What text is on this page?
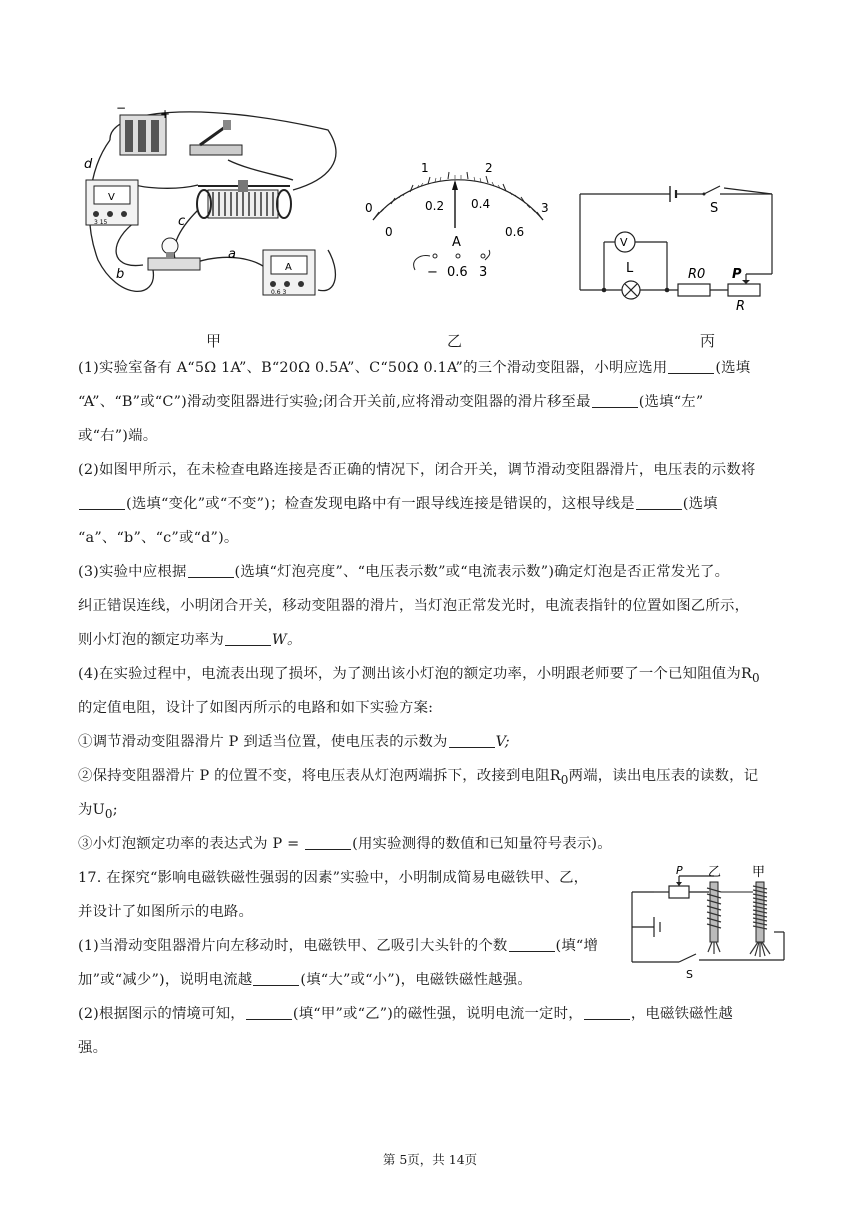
−	+
V
3 15
A
0.6 3
d
c
a
b
甲
0
1	2
3
0
0.2 0.4
0.6
A
− 0.6 3
乙
S
V
L	R0 P
R
丙
(1)实验室备有 A“5Ω 1A”、B“20Ω 0.5A”、C“50Ω 0.1A”的三个滑动变阻器，小明应选用	(选填
“A”、“B”或“C”)滑动变阻器进行实验;闭合开关前,应将滑动变阻器的滑片移至最	(选填“左”
或“右”)端。
(2)如图甲所示，在未检查电路连接是否正确的情况下，闭合开关，调节滑动变阻器滑片，电压表的示数将
(选填“变化”或“不变”)；检查发现电路中有一跟导线连接是错误的，这根导线是	(选填
“a”、“b”、“c”或“d”)。
(3)实验中应根据	(选填“灯泡亮度”、“电压表示数”或“电流表示数”)确定灯泡是否正常发光了。
纠正错误连线，小明闭合开关，移动变阻器的滑片，当灯泡正常发光时，电流表指针的位置如图乙所示，
则小灯泡的额定功率为	W。
(4)在实验过程中，电流表出现了损坏，为了测出该小灯泡的额定功率，小明跟老师要了一个已知阻值为$R_0$
的定值电阻，设计了如图丙所示的电路和如下实验方案:
①调节滑动变阻器滑片 P 到适当位置，使电压表的示数为	V;
②保持变阻器滑片 P 的位置不变，将电压表从灯泡两端拆下，改接到电阻$R_0$两端，读出电压表的读数，记
为$U_0$;
③小灯泡额定功率的表达式为 P =	(用实验测得的数值和已知量符号表示)。
17. 在探究“影响电磁铁磁性强弱的因素”实验中，小明制成简易电磁铁甲、乙，
并设计了如图所示的电路。
(1)当滑动变阻器滑片向左移动时，电磁铁甲、乙吸引大头针的个数	(填“增
加”或“减少”)，说明电流越	(填“大”或“小”)，电磁铁磁性越强。
(2)根据图示的情境可知，	(填“甲”或“乙”)的磁性强，说明电流一定时，	，电磁铁磁性越
强。
P 乙 甲
S
第 5页，共 14页
